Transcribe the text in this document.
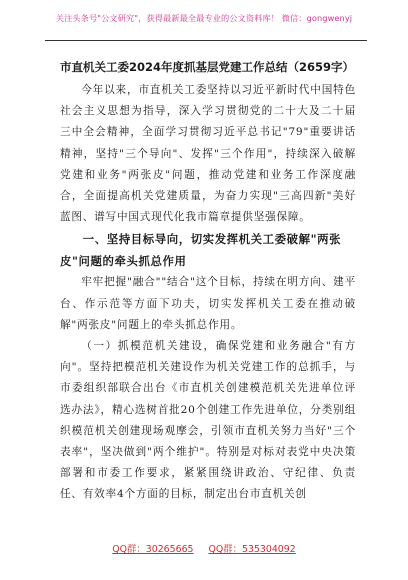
关注头条号"公文研究"，获得最新最全最专业的公文资料库！ 微信：gongwenyj
市直机关工委2024年度抓基层党建工作总结（2659字）

今年以来，市直机关工委坚持以习近平新时代中国特色社会主义思想为指导，深入学习贯彻党的二十大及二十届三中全会精神，全面学习贯彻习近平总书记"79"重要讲话精神，坚持"三个导向"、发挥"三个作用"，持续深入破解党建和业务"两张皮"问题，推动党建和业务工作深度融合，全面提高机关党建质量，为奋力实现"三高四新"美好蓝图、谱写中国式现代化我市篇章提供坚强保障。

一、坚持目标导向，切实发挥机关工委破解"两张皮"问题的牵头抓总作用

牢牢把握"融合""结合"这个目标，持续在明方向、建平台、作示范等方面下功夫，切实发挥机关工委在推动破解"两张皮"问题上的牵头抓总作用。

（一）抓模范机关建设，确保党建和业务融合"有方向"。坚持把模范机关建设作为机关党建工作的总抓手，与市委组织部联合出台《市直机关创建模范机关先进单位评选办法》，精心选树首批20个创建工作先进单位，分类别组织模范机关创建现场观摩会，引领市直机关努力当好"三个表率"，坚决做到"两个维护"。特别是对标对表党中央决策部署和市委工作要求，紧紧围绕讲政治、守纪律、负责任、有效率4个方面的目标，制定出台市直机关创

QQ群：30265665 QQ群：535304092
